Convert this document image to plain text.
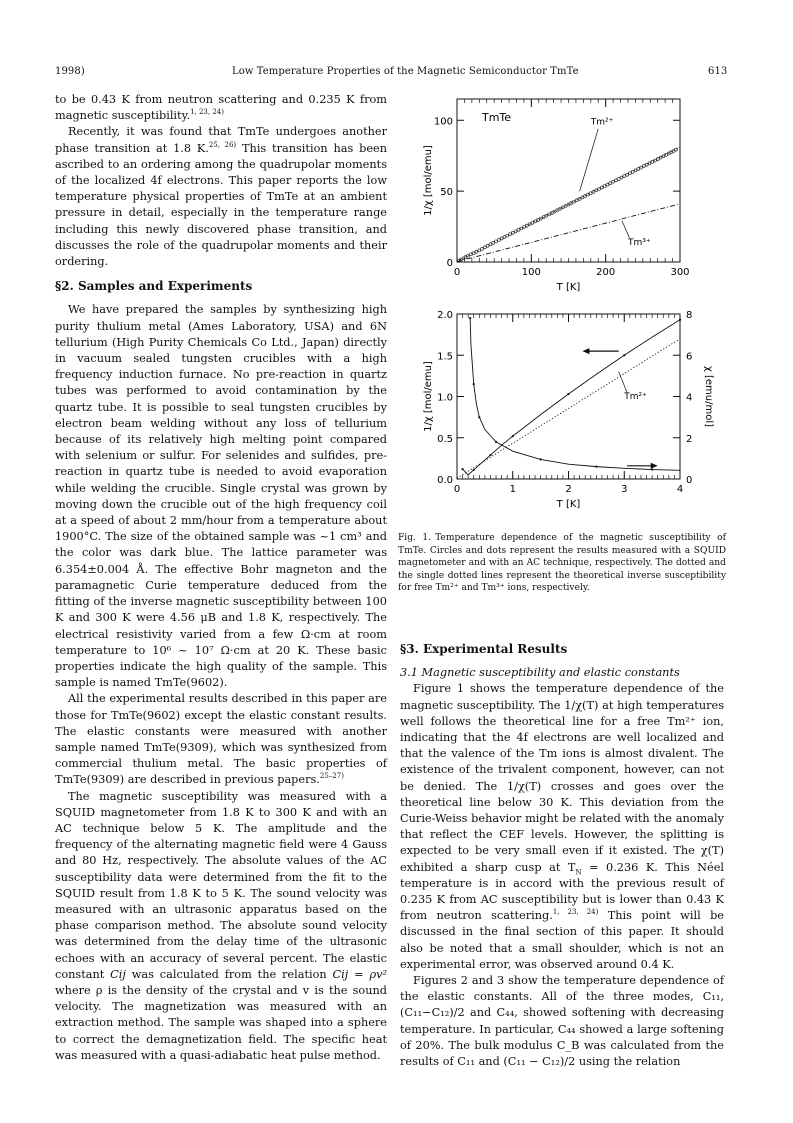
1998)	Low Temperature Properties of the Magnetic Semiconductor TmTe	613

to be 0.43 K from neutron scattering and 0.235 K from magnetic susceptibility.$^{1, 23, 24)}$

Recently, it was found that TmTe undergoes another phase transition at 1.8 K.$^{25, 26)}$ This transition has been ascribed to an ordering among the quadrupolar moments of the localized 4f electrons. This paper reports the low temperature physical properties of TmTe at an ambient pressure in detail, especially in the temperature range including this newly discovered phase transition, and discusses the role of the quadrupolar moments and their ordering.

§2. Samples and Experiments

We have prepared the samples by synthesizing high purity thulium metal (Ames Laboratory, USA) and 6N tellurium (High Purity Chemicals Co Ltd., Japan) directly in vacuum sealed tungsten crucibles with a high frequency induction furnace. No pre-reaction in quartz tubes was performed to avoid contamination by the quartz tube. It is possible to seal tungsten crucibles by electron beam welding without any loss of tellurium because of its relatively high melting point compared with selenium or sulfur. For selenides and sulfides, pre-reaction in quartz tube is needed to avoid evaporation while welding the crucible. Single crystal was grown by moving down the crucible out of the high frequency coil at a speed of about 2 mm/hour from a temperature about 1900°C. The size of the obtained sample was ~1 cm³ and the color was dark blue. The lattice parameter was 6.354±0.004 Å. The effective Bohr magneton and the paramagnetic Curie temperature deduced from the fitting of the inverse magnetic susceptibility between 100 K and 300 K were 4.56 μB and 1.8 K, respectively. The electrical resistivity varied from a few Ω·cm at room temperature to 10⁶ ~ 10⁷ Ω·cm at 20 K. These basic properties indicate the high quality of the sample. This sample is named TmTe(9602).

All the experimental results described in this paper are those for TmTe(9602) except the elastic constant results. The elastic constants were measured with another sample named TmTe(9309), which was synthesized from commercial thulium metal. The basic properties of TmTe(9309) are described in previous papers.$^{25-27)}$

The magnetic susceptibility was measured with a SQUID magnetometer from 1.8 K to 300 K and with an AC technique below 5 K. The amplitude and the frequency of the alternating magnetic field were 4 Gauss and 80 Hz, respectively. The absolute values of the AC susceptibility data were determined from the fit to the SQUID result from 1.8 K to 5 K. The sound velocity was measured with an ultrasonic apparatus based on the phase comparison method. The absolute sound velocity was determined from the delay time of the ultrasonic echoes with an accuracy of several percent. The elastic constant Cij was calculated from the relation Cij = ρv² where ρ is the density of the crystal and v is the sound velocity. The magnetization was measured with an extraction method. The sample was shaped into a sphere to correct the demagnetization field. The specific heat was measured with a quasi-adiabatic heat pulse method.

0	100	200	300
0
50
100
T [K]
1/χ [mol/emu]
TmTe	Tm²⁺
Tm³⁺
0	1	2	3	4
0.0
0.5
1.0
1.5
2.0
0
2
4
6
8
χ [emu/mol]
T [K]
1/χ [mol/emu]	Tm²⁺
Fig. 1. Temperature dependence of the magnetic susceptibility of TmTe. Circles and dots represent the results measured with a SQUID magnetometer and with an AC technique, respectively. The dotted and the single dotted lines represent the theoretical inverse susceptibility for free Tm²⁺ and Tm³⁺ ions, respectively.
§3. Experimental Results

3.1 Magnetic susceptibility and elastic constants

Figure 1 shows the temperature dependence of the magnetic susceptibility. The 1/χ(T) at high temperatures well follows the theoretical line for a free Tm²⁺ ion, indicating that the 4f electrons are well localized and that the valence of the Tm ions is almost divalent. The existence of the trivalent component, however, can not be denied. The 1/χ(T) crosses and goes over the theoretical line below 30 K. This deviation from the Curie-Weiss behavior might be related with the anomaly that reflect the CEF levels. However, the splitting is expected to be very small even if it existed. The χ(T) exhibited a sharp cusp at $T_N = 0.236$ K. This Néel temperature is in accord with the previous result of 0.235 K from AC susceptibility but is lower than 0.43 K from neutron scattering.$^{1, 23, 24)}$ This point will be discussed in the final section of this paper. It should also be noted that a small shoulder, which is not an experimental error, was observed around 0.4 K.

Figures 2 and 3 show the temperature dependence of the elastic constants. All of the three modes, C₁₁, (C₁₁−C₁₂)/2 and C₄₄, showed softening with decreasing temperature. In particular, C₄₄ showed a large softening of 20%. The bulk modulus C_B was calculated from the results of C₁₁ and (C₁₁ − C₁₂)/2 using the relation
